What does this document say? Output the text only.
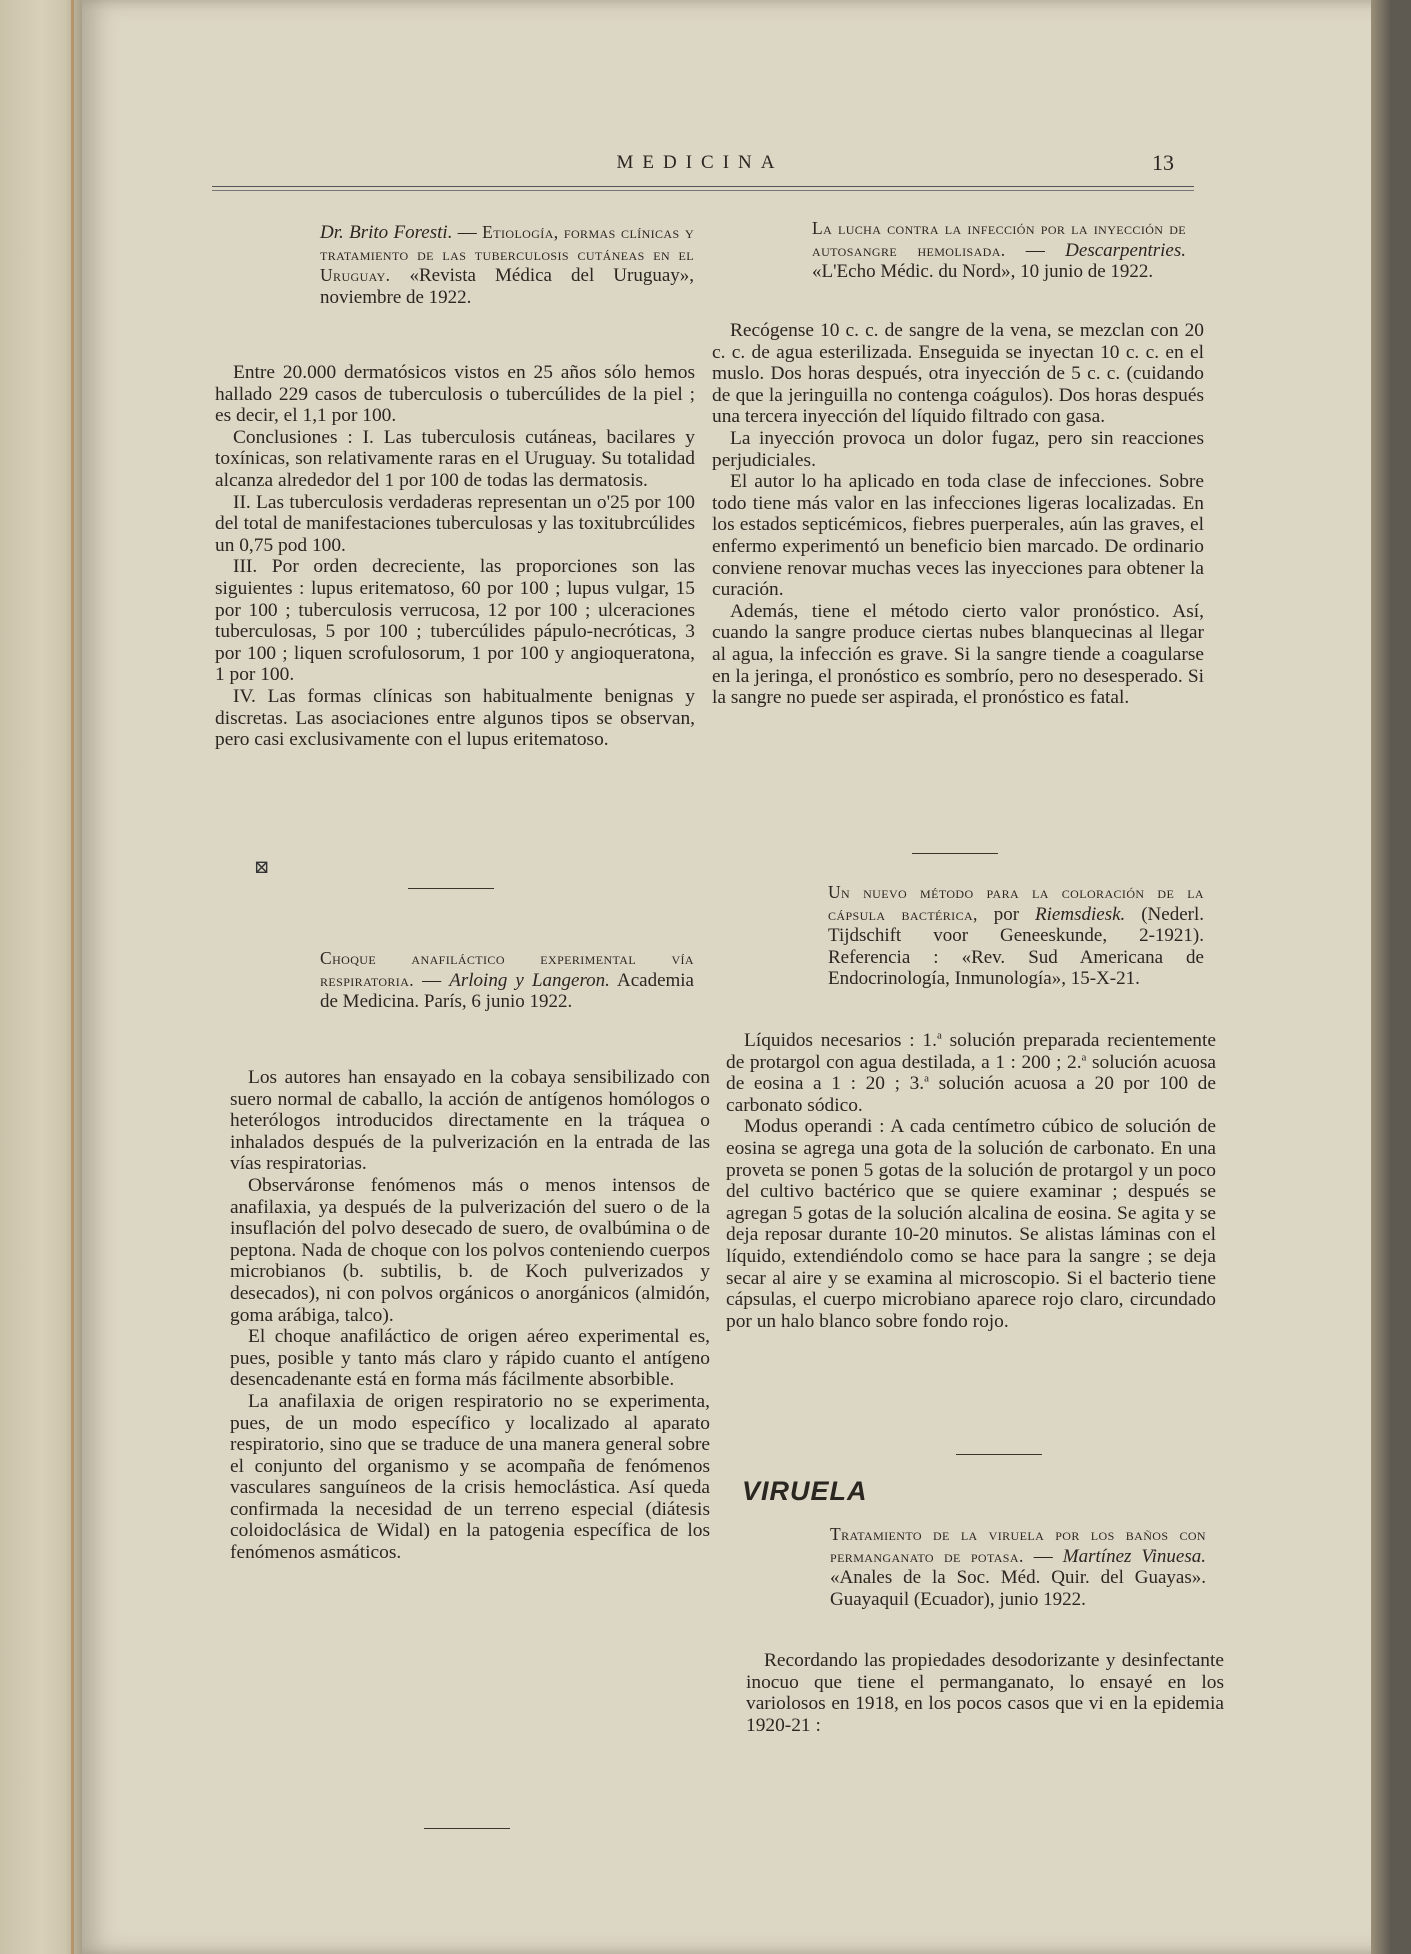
MEDICINA	13

Dr. Brito Foresti. — Etiología, formas clínicas y tratamiento de las tuberculosis cutáneas en el Uruguay. «Revista Médica del Uruguay», noviembre de 1922.

Entre 20.000 dermatósicos vistos en 25 años sólo hemos hallado 229 casos de tuberculosis o tubercúlides de la piel ; es decir, el 1,1 por 100.

Conclusiones : I. Las tuberculosis cutáneas, bacilares y toxínicas, son relativamente raras en el Uruguay. Su totalidad alcanza alrededor del 1 por 100 de todas las dermatosis.

II. Las tuberculosis verdaderas representan un o'25 por 100 del total de manifestaciones tuberculosas y las toxitubrcúlides un 0,75 pod 100.

III. Por orden decreciente, las proporciones son las siguientes : lupus eritematoso, 60 por 100 ; lupus vulgar, 15 por 100 ; tuberculosis verrucosa, 12 por 100 ; ulceraciones tuberculosas, 5 por 100 ; tubercúlides pápulo-necróticas, 3 por 100 ; liquen scrofulosorum, 1 por 100 y angioqueratona, 1 por 100.

IV. Las formas clínicas son habitualmente benignas y discretas. Las asociaciones entre algunos tipos se observan, pero casi exclusivamente con el lupus eritematoso.

⊠

Choque anafiláctico experimental vía respiratoria. — Arloing y Langeron. Academia de Medicina. París, 6 junio 1922.

Los autores han ensayado en la cobaya sensibilizado con suero normal de caballo, la acción de antígenos homólogos o heterólogos introducidos directamente en la tráquea o inhalados después de la pulverización en la entrada de las vías respiratorias.

Observáronse fenómenos más o menos intensos de anafilaxia, ya después de la pulverización del suero o de la insuflación del polvo desecado de suero, de ovalbúmina o de peptona. Nada de choque con los polvos conteniendo cuerpos microbianos (b. subtilis, b. de Koch pulverizados y desecados), ni con polvos orgánicos o anorgánicos (almidón, goma arábiga, talco).

El choque anafiláctico de origen aéreo experimental es, pues, posible y tanto más claro y rápido cuanto el antígeno desencadenante está en forma más fácilmente absorbible.

La anafilaxia de origen respiratorio no se experimenta, pues, de un modo específico y localizado al aparato respiratorio, sino que se traduce de una manera general sobre el conjunto del organismo y se acompaña de fenómenos vasculares sanguíneos de la crisis hemoclástica. Así queda confirmada la necesidad de un terreno especial (diátesis coloidoclásica de Widal) en la patogenia específica de los fenómenos asmáticos.

La lucha contra la infección por la inyección de autosangre hemolisada. — Descarpentries. «L'Echo Médic. du Nord», 10 junio de 1922.

Recógense 10 c. c. de sangre de la vena, se mezclan con 20 c. c. de agua esterilizada. Enseguida se inyectan 10 c. c. en el muslo. Dos horas después, otra inyección de 5 c. c. (cuidando de que la jeringuilla no contenga coágulos). Dos horas después una tercera inyección del líquido filtrado con gasa.

La inyección provoca un dolor fugaz, pero sin reacciones perjudiciales.

El autor lo ha aplicado en toda clase de infecciones. Sobre todo tiene más valor en las infecciones ligeras localizadas. En los estados septicémicos, fiebres puerperales, aún las graves, el enfermo experimentó un beneficio bien marcado. De ordinario conviene renovar muchas veces las inyecciones para obtener la curación.

Además, tiene el método cierto valor pronóstico. Así, cuando la sangre produce ciertas nubes blanquecinas al llegar al agua, la infección es grave. Si la sangre tiende a coagularse en la jeringa, el pronóstico es sombrío, pero no desesperado. Si la sangre no puede ser aspirada, el pronóstico es fatal.

Un nuevo método para la coloración de la cápsula bactérica, por Riemsdiesk. (Nederl. Tijdschift voor Geneeskunde, 2-1921). Referencia : «Rev. Sud Americana de Endocrinología, Inmunología», 15-X-21.

Líquidos necesarios : 1.$^a$ solución preparada recientemente de protargol con agua destilada, a 1 : 200 ; 2.$^a$ solución acuosa de eosina a 1 : 20 ; 3.$^a$ solución acuosa a 20 por 100 de carbonato sódico.

Modus operandi : A cada centímetro cúbico de solución de eosina se agrega una gota de la solución de carbonato. En una proveta se ponen 5 gotas de la solución de protargol y un poco del cultivo bactérico que se quiere examinar ; después se agregan 5 gotas de la solución alcalina de eosina. Se agita y se deja reposar durante 10-20 minutos. Se alistas láminas con el líquido, extendiéndolo como se hace para la sangre ; se deja secar al aire y se examina al microscopio. Si el bacterio tiene cápsulas, el cuerpo microbiano aparece rojo claro, circundado por un halo blanco sobre fondo rojo.

VIRUELA

Tratamiento de la viruela por los baños con permanganato de potasa. — Martínez Vinuesa. «Anales de la Soc. Méd. Quir. del Guayas». Guayaquil (Ecuador), junio 1922.

Recordando las propiedades desodorizante y desinfectante inocuo que tiene el permanganato, lo ensayé en los variolosos en 1918, en los pocos casos que vi en la epidemia 1920-21 :
